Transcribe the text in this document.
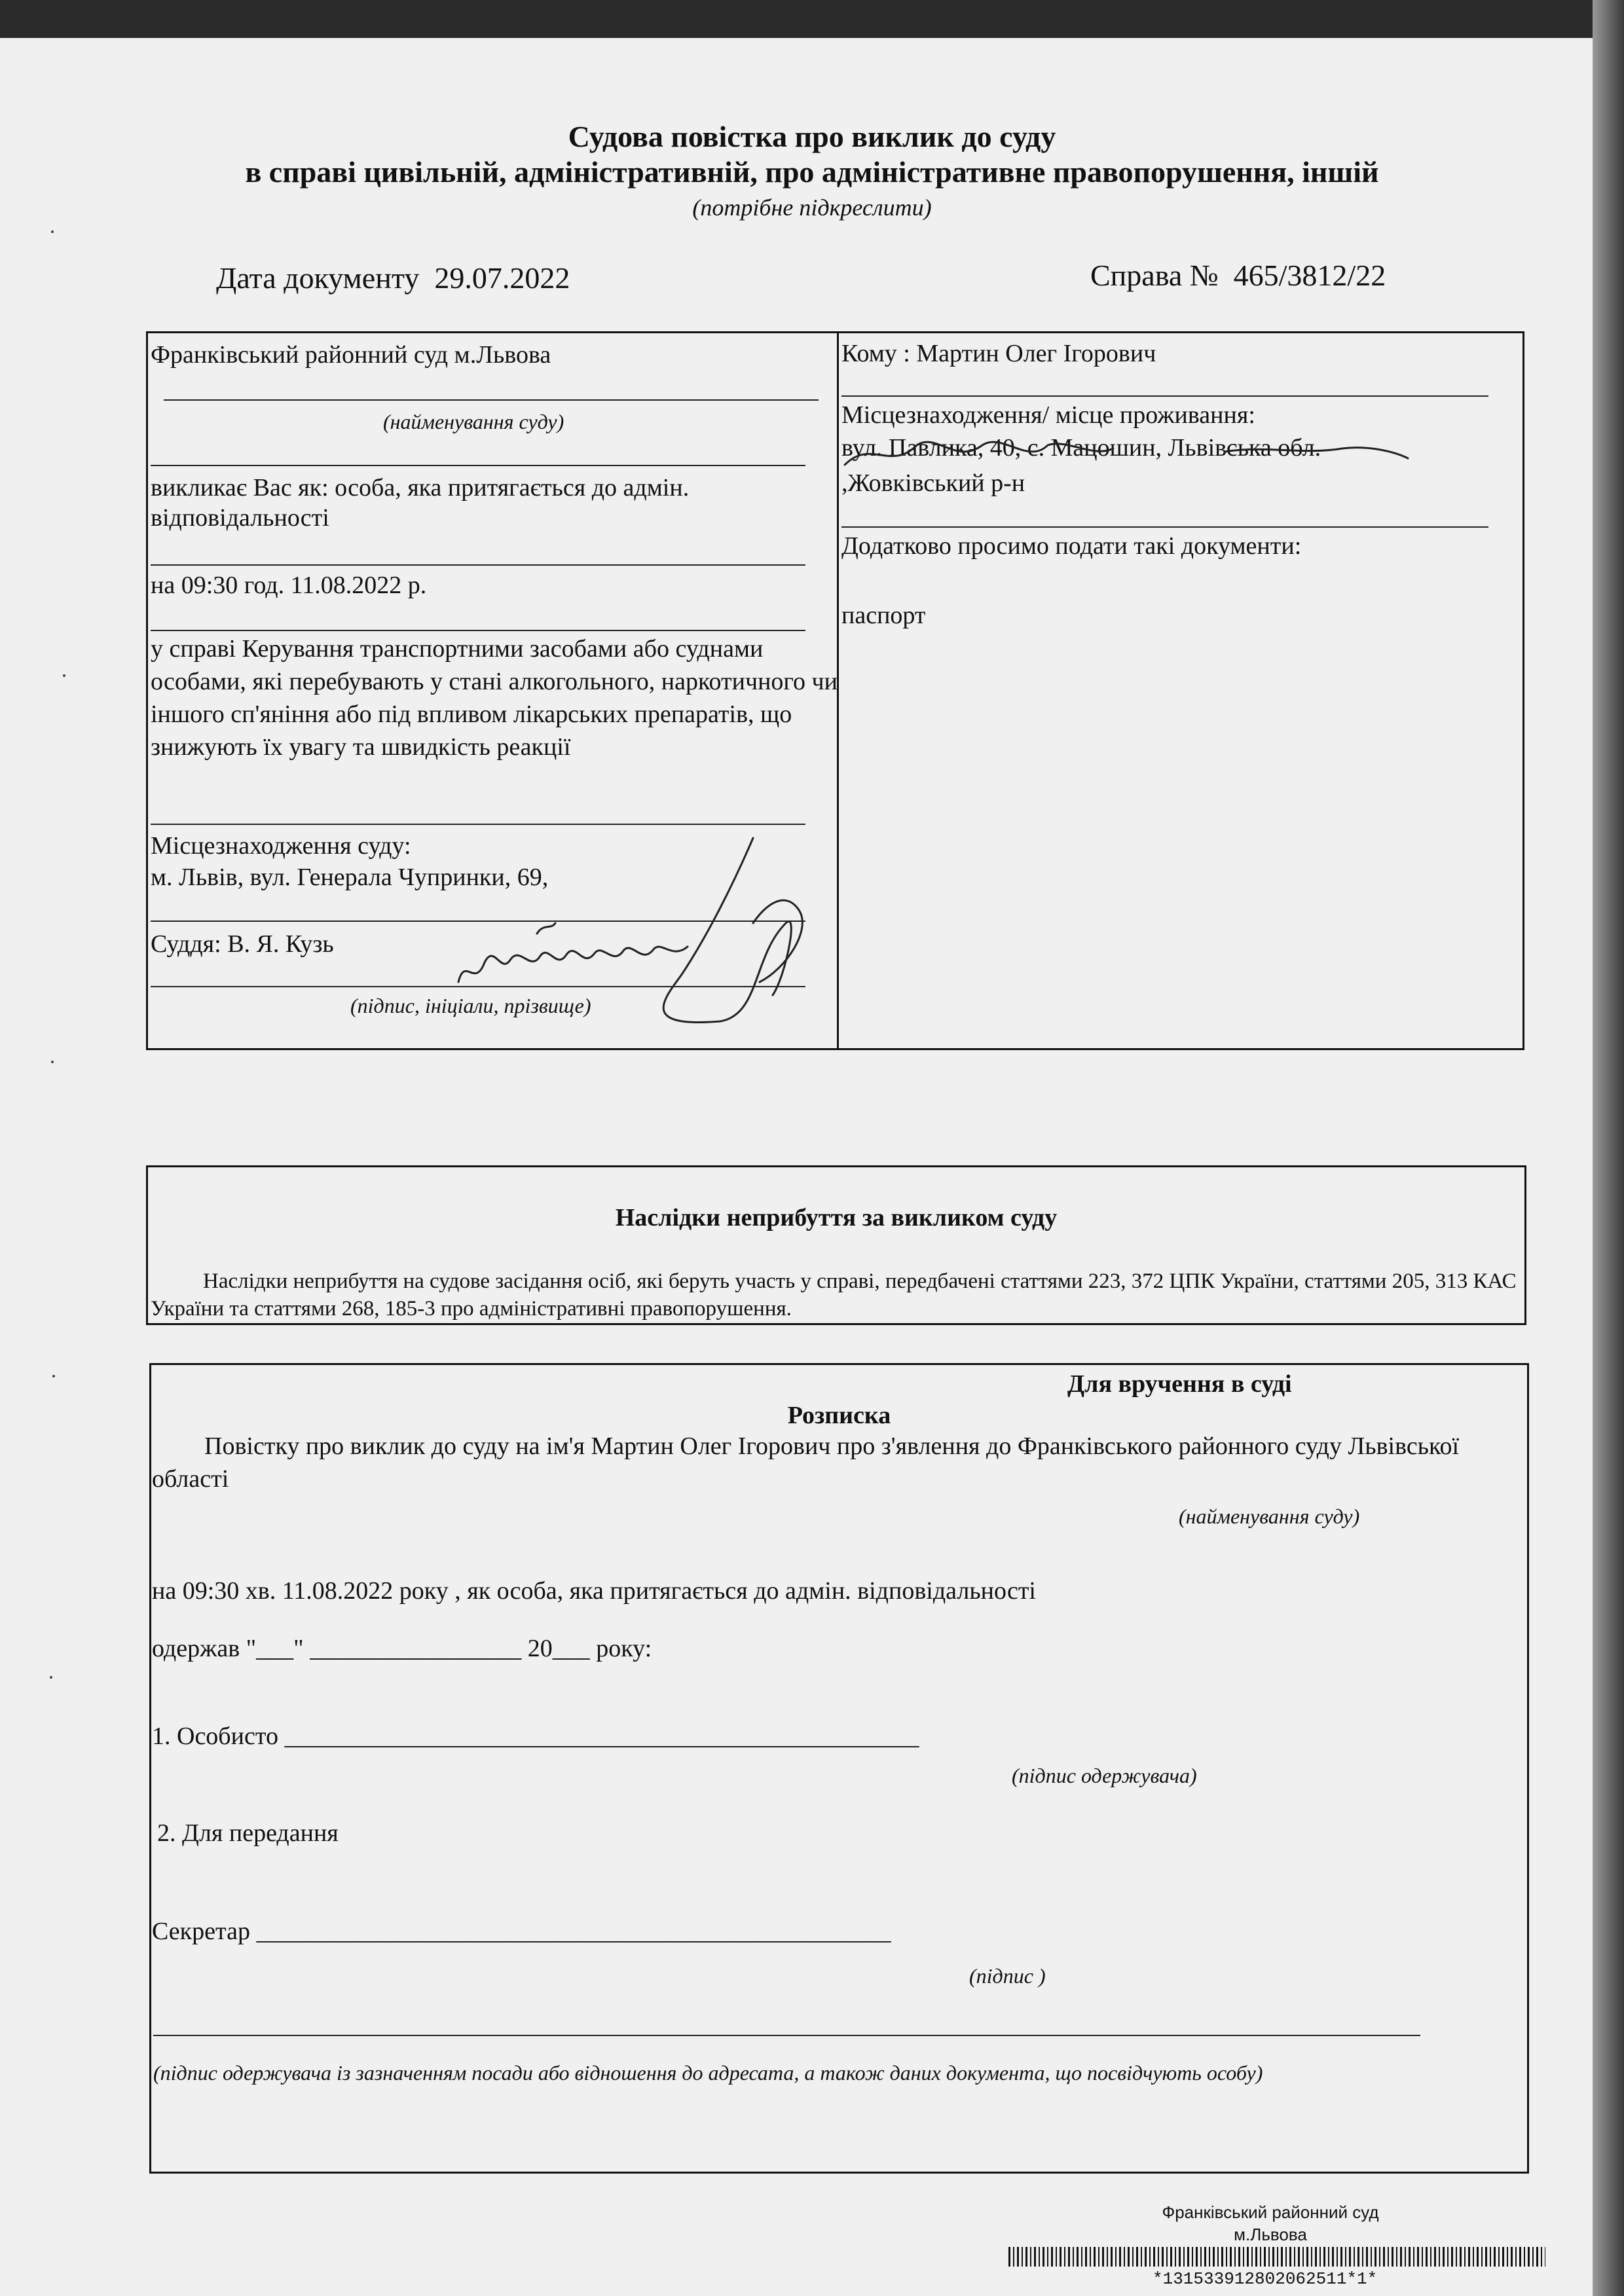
Судова повістка про виклик до суду
в справі цивільній, адміністративній, про адміністративне правопорушення, іншій
(потрібне підкреслити)
Дата документу 29.07.2022	Справа № 465/3812/22
Франківський районний суд м.Львова
(найменування суду)
викликає Вас як: особа, яка притягається до адмін. відповідальності
на 09:30 год. 11.08.2022 р.
у справі Керування транспортними засобами або суднами особами, які перебувають у стані алкогольного, наркотичного чи іншого сп'яніння або під впливом лікарських препаратів, що знижують їх увагу та швидкість реакції
Місцезнаходження суду:
м. Львів, вул. Генерала Чупринки, 69,
Суддя: В. Я. Кузь
(підпис, ініціали, прізвище)
Кому : Мартин Олег Ігорович
Місцезнаходження/ місце проживання:
вул. Павлика, 40, с. Мацошин, Львівська обл.
,Жовківський р-н
Додатково просимо подати такі документи:
паспорт
Наслідки неприбуття за викликом суду
Наслідки неприбуття на судове засідання осіб, які беруть участь у справі, передбачені статтями 223, 372 ЦПК України, статтями 205, 313 КАС України та статтями 268, 185-3 про адміністративні правопорушення.
Для вручення в суді
Розписка
Повістку про виклик до суду на ім'я Мартин Олег Ігорович про з'явлення до Франківського районного суду Львівської області
(найменування суду)
на 09:30 хв. 11.08.2022 року , як особа, яка притягається до адмін. відповідальності
одержав "___" _________________ 20___ року:
1. Особисто ___________________________________________________
(підпис одержувача)
2. Для передання
Секретар ___________________________________________________
(підпис )
(підпис одержувача із зазначенням посади або відношення до адресата, а також даних документа, що посвідчують особу)
Франківський районний суд
м.Львова
*131533912802062511*1*
